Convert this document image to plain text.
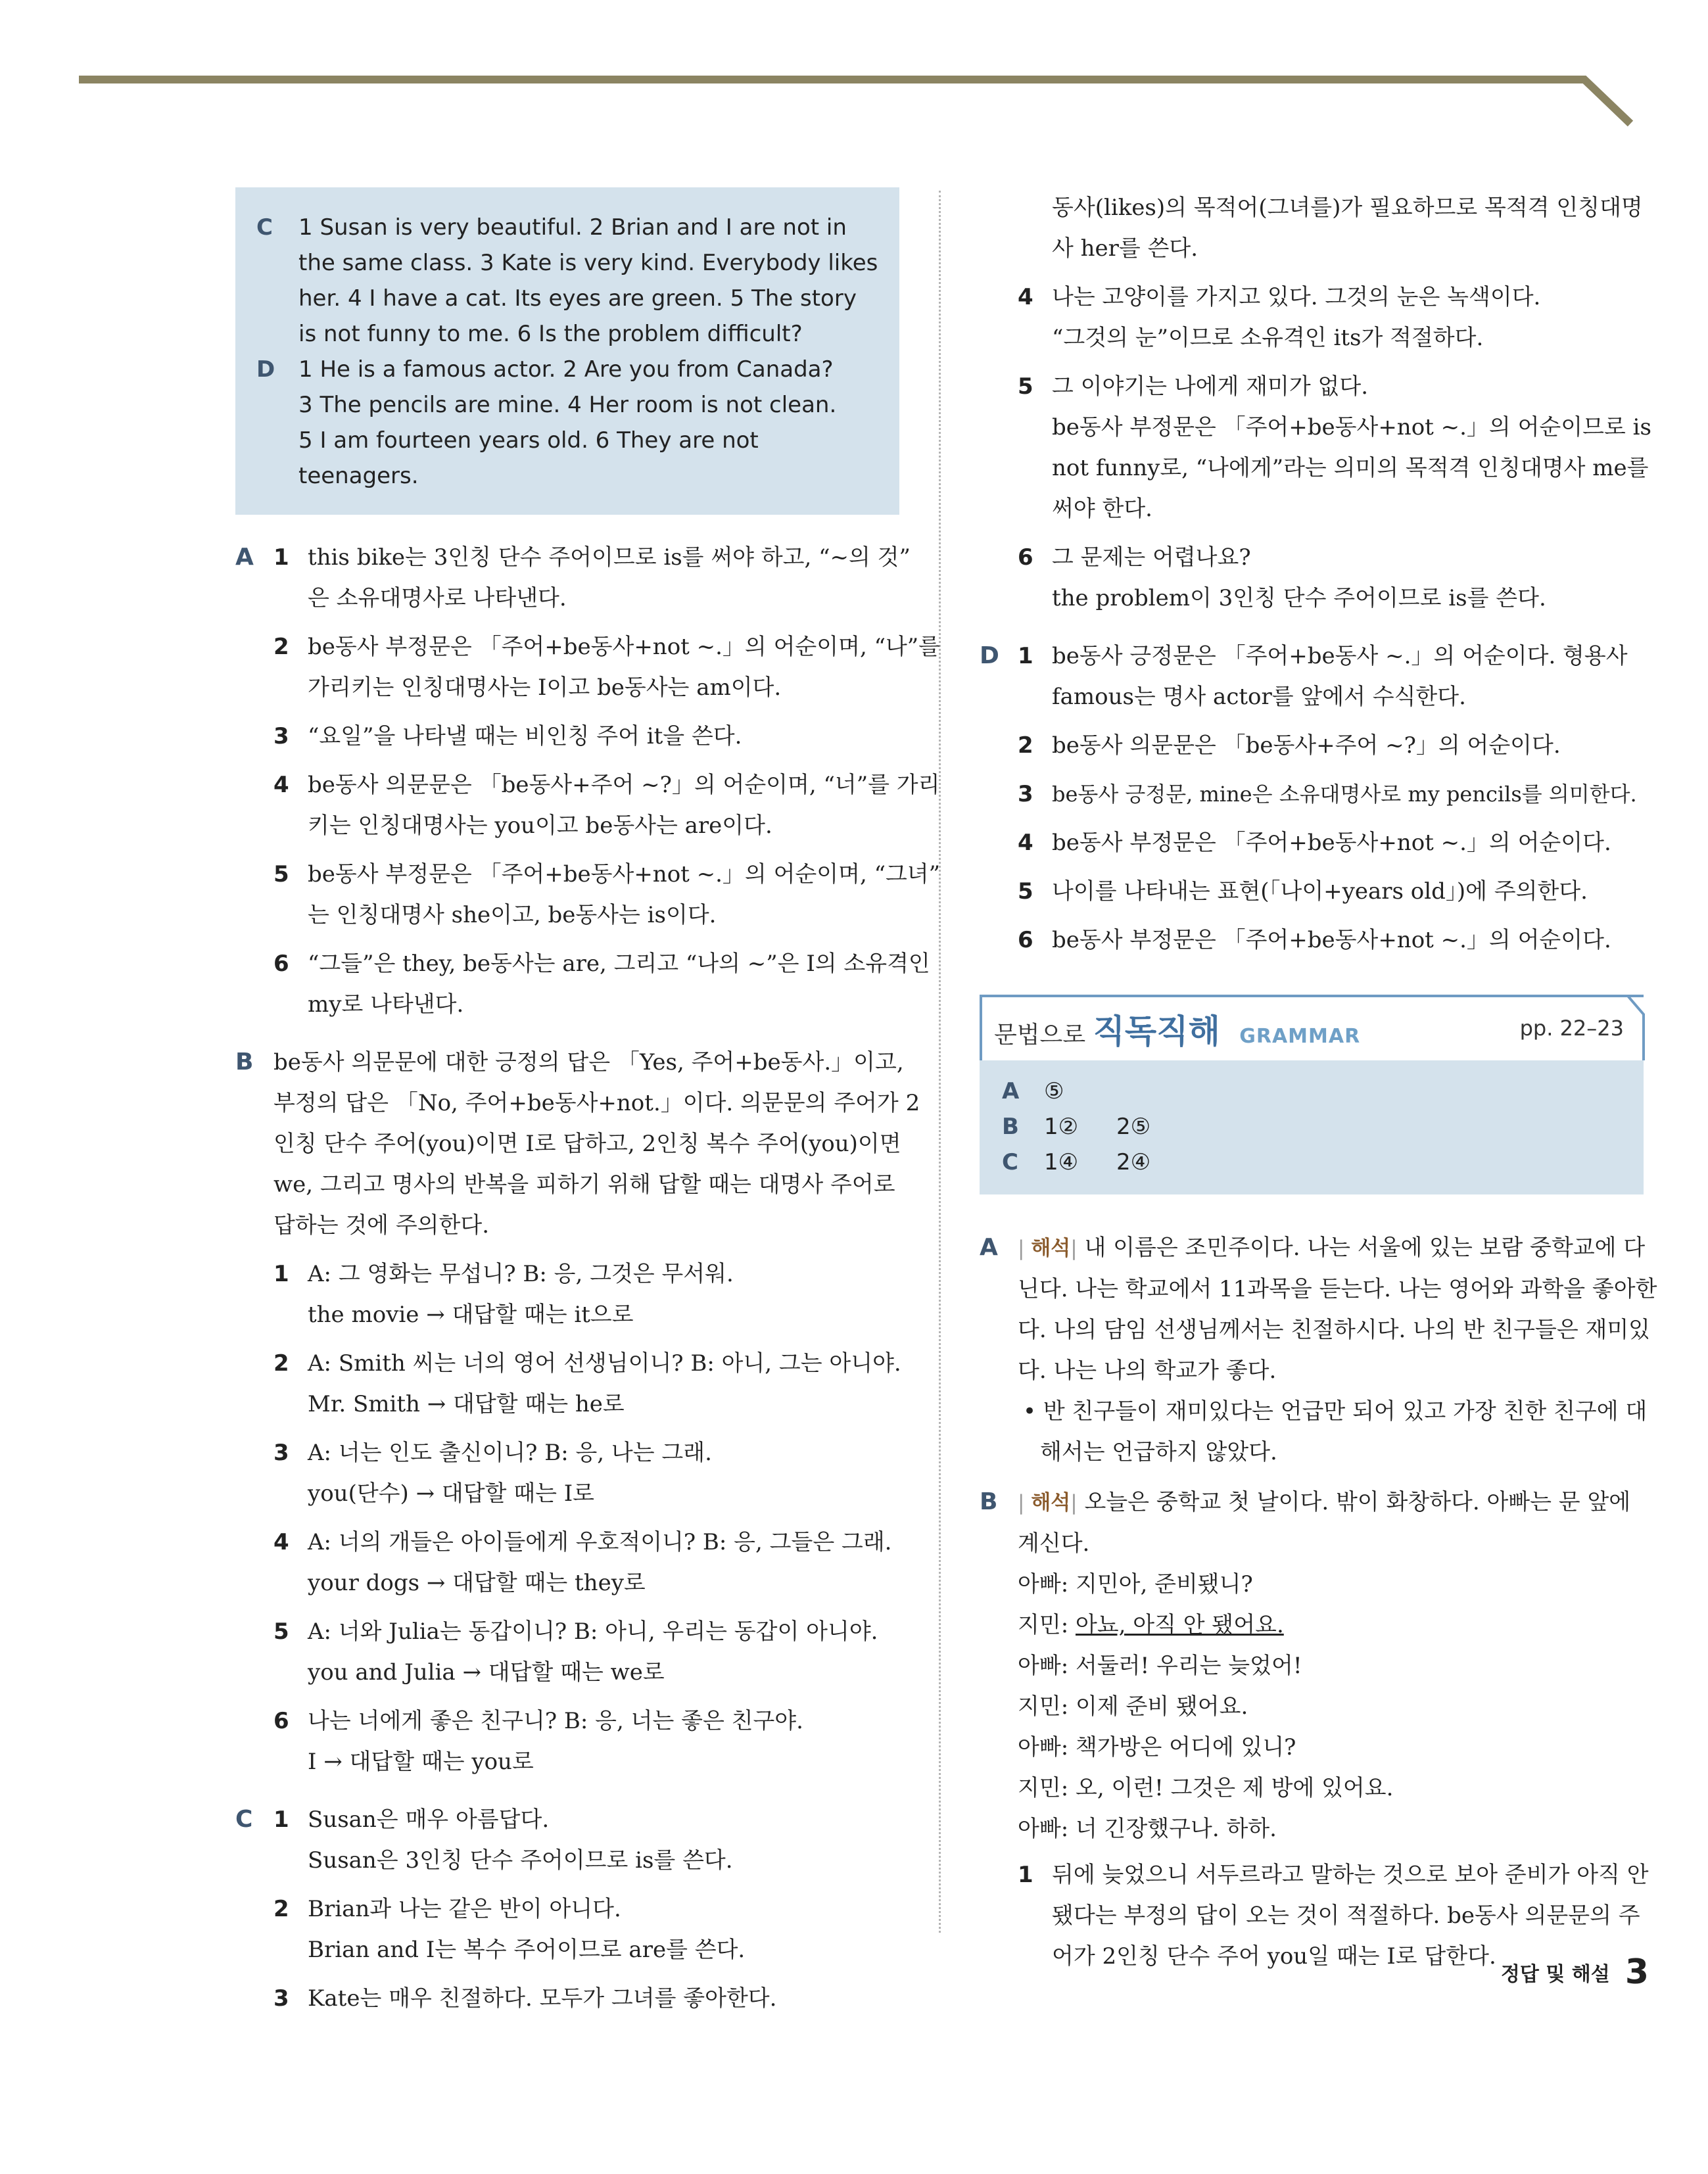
C	1 Susan is very beautiful. 2 Brian and I are not in
the same class. 3 Kate is very kind. Everybody likes
her. 4 I have a cat. Its eyes are green. 5 The story
is not funny to me. 6 Is the problem difficult?
D	1 He is a famous actor. 2 Are you from Canada?
3 The pencils are mine. 4 Her room is not clean.
5 I am fourteen years old. 6 They are not teenagers.
A 1 this bike는 3인칭 단수 주어이므로 is를 써야 하고, “~의 것”
은 소유대명사로 나타낸다.
2 be동사 부정문은 「주어+be동사+not ~.」의 어순이며, “나”를
가리키는 인칭대명사는 I이고 be동사는 am이다.
3 “요일”을 나타낼 때는 비인칭 주어 it을 쓴다.
4 be동사 의문문은 「be동사+주어 ~?」의 어순이며, “너”를 가리
키는 인칭대명사는 you이고 be동사는 are이다.
5 be동사 부정문은 「주어+be동사+not ~.」의 어순이며, “그녀”
는 인칭대명사 she이고, be동사는 is이다.
6 “그들”은 they, be동사는 are, 그리고 “나의 ~”은 I의 소유격인
my로 나타낸다.
B be동사 의문문에 대한 긍정의 답은 「Yes, 주어+be동사.」이고,
부정의 답은 「No, 주어+be동사+not.」이다. 의문문의 주어가 2
인칭 단수 주어(you)이면 I로 답하고, 2인칭 복수 주어(you)이면
we, 그리고 명사의 반복을 피하기 위해 답할 때는 대명사 주어로
답하는 것에 주의한다.
1 A: 그 영화는 무섭니? B: 응, 그것은 무서워.
the movie → 대답할 때는 it으로
2 A: Smith 씨는 너의 영어 선생님이니? B: 아니, 그는 아니야.
Mr. Smith → 대답할 때는 he로
3 A: 너는 인도 출신이니? B: 응, 나는 그래.
you(단수) → 대답할 때는 I로
4 A: 너의 개들은 아이들에게 우호적이니? B: 응, 그들은 그래.
your dogs → 대답할 때는 they로
5 A: 너와 Julia는 동갑이니? B: 아니, 우리는 동갑이 아니야.
you and Julia → 대답할 때는 we로
6 나는 너에게 좋은 친구니? B: 응, 너는 좋은 친구야.
I → 대답할 때는 you로
C 1 Susan은 매우 아름답다.
Susan은 3인칭 단수 주어이므로 is를 쓴다.
2 Brian과 나는 같은 반이 아니다.
Brian and I는 복수 주어이므로 are를 쓴다.
3 Kate는 매우 친절하다. 모두가 그녀를 좋아한다.
동사(likes)의 목적어(그녀를)가 필요하므로 목적격 인칭대명
사 her를 쓴다.
4 나는 고양이를 가지고 있다. 그것의 눈은 녹색이다.
“그것의 눈”이므로 소유격인 its가 적절하다.
5 그 이야기는 나에게 재미가 없다.
be동사 부정문은 「주어+be동사+not ~.」의 어순이므로 is
not funny로, “나에게”라는 의미의 목적격 인칭대명사 me를
써야 한다.
6 그 문제는 어렵나요?
the problem이 3인칭 단수 주어이므로 is를 쓴다.
D 1 be동사 긍정문은 「주어+be동사 ~.」의 어순이다. 형용사
famous는 명사 actor를 앞에서 수식한다.
2 be동사 의문문은 「be동사+주어 ~?」의 어순이다.
3 be동사 긍정문, mine은 소유대명사로 my pencils를 의미한다.
4 be동사 부정문은 「주어+be동사+not ~.」의 어순이다.
5 나이를 나타내는 표현(「나이+years old」)에 주의한다.
6 be동사 부정문은 「주어+be동사+not ~.」의 어순이다.
문법으로 직독직해 GRAMMAR	pp. 22–23
A	⑤
B	1②	2⑤
C	1④	2④
A | 해석| 내 이름은 조민주이다. 나는 서울에 있는 보람 중학교에 다
닌다. 나는 학교에서 11과목을 듣는다. 나는 영어와 과학을 좋아한
다. 나의 담임 선생님께서는 친절하시다. 나의 반 친구들은 재미있
다. 나는 나의 학교가 좋다.
• 반 친구들이 재미있다는 언급만 되어 있고 가장 친한 친구에 대
해서는 언급하지 않았다.
B | 해석| 오늘은 중학교 첫 날이다. 밖이 화창하다. 아빠는 문 앞에
계신다.
아빠: 지민아, 준비됐니?
지민: 아뇨, 아직 안 됐어요.
아빠: 서둘러! 우리는 늦었어!
지민: 이제 준비 됐어요.
아빠: 책가방은 어디에 있니?
지민: 오, 이런! 그것은 제 방에 있어요.
아빠: 너 긴장했구나. 하하.
1 뒤에 늦었으니 서두르라고 말하는 것으로 보아 준비가 아직 안
됐다는 부정의 답이 오는 것이 적절하다. be동사 의문문의 주
어가 2인칭 단수 주어 you일 때는 I로 답한다.
정답 및 해설 3
